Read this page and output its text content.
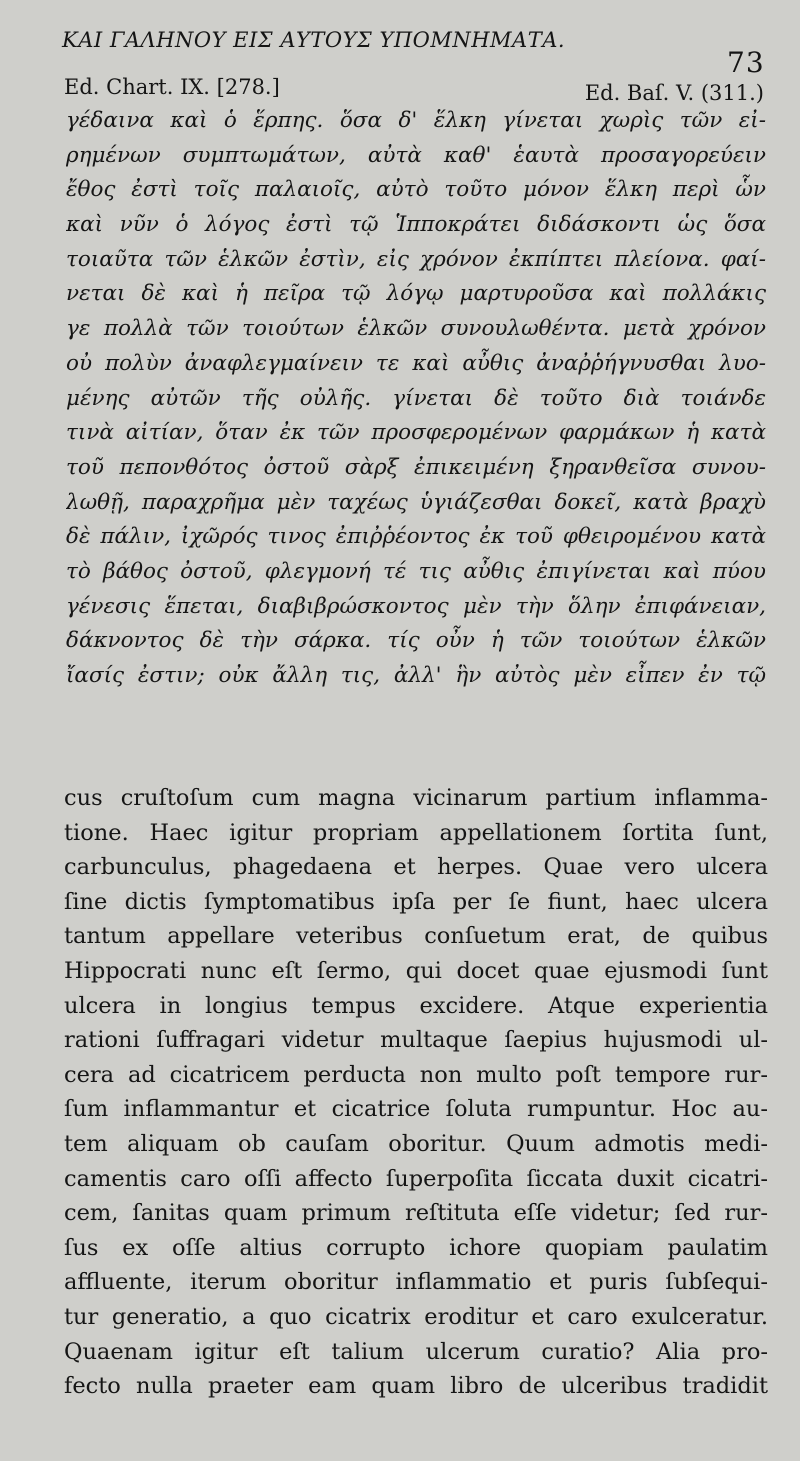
ΚΑΙ ΓΑΛΗΝΟΥ ΕΙΣ ΑΥΤΟΥΣ ΥΠΟΜΝΗΜΑΤΑ.
73
Ed. Chart. IX. [278.]	Ed. Baſ. V. (311.)
γέδαινα καὶ ὁ ἕρπης. ὅσα δ' ἕλκη γίνεται χωρὶς τῶν εἰ-
ρημένων συμπτωμάτων, αὐτὰ καθ' ἑαυτὰ προσαγορεύειν
ἔθος ἐστὶ τοῖς παλαιοῖς, αὐτὸ τοῦτο μόνον ἕλκη περὶ ὧν
καὶ νῦν ὁ λόγος ἐστὶ τῷ Ἱπποκράτει διδάσκοντι ὡς ὅσα
τοιαῦτα τῶν ἑλκῶν ἐστὶν, εἰς χρόνον ἐκπίπτει πλείονα. φαί-
νεται δὲ καὶ ἡ πεῖρα τῷ λόγῳ μαρτυροῦσα καὶ πολλάκις
γε πολλὰ τῶν τοιούτων ἑλκῶν συνουλωθέντα. μετὰ χρόνον
οὐ πολὺν ἀναφλεγμαίνειν τε καὶ αὖθις ἀναῤῥήγνυσθαι λυο-
μένης αὐτῶν τῆς οὐλῆς. γίνεται δὲ τοῦτο διὰ τοιάνδε
τινὰ αἰτίαν, ὅταν ἐκ τῶν προσφερομένων φαρμάκων ἡ κατὰ
τοῦ πεπονθότος ὀστοῦ σὰρξ ἐπικειμένη ξηρανθεῖσα συνου-
λωθῇ, παραχρῆμα μὲν ταχέως ὑγιάζεσθαι δοκεῖ, κατὰ βραχὺ
δὲ πάλιν, ἰχῶρός τινος ἐπιῤῥέοντος ἐκ τοῦ φθειρομένου κατὰ
τὸ βάθος ὀστοῦ, φλεγμονή τέ τις αὖθις ἐπιγίνεται καὶ πύου
γένεσις ἕπεται, διαβιβρώσκοντος μὲν τὴν ὅλην ἐπιφάνειαν,
δάκνοντος δὲ τὴν σάρκα. τίς οὖν ἡ τῶν τοιούτων ἑλκῶν
ἴασίς ἐστιν; οὐκ ἄλλη τις, ἀλλ' ἣν αὐτὸς μὲν εἶπεν ἐν τῷ
cus cruſtoſum cum magna vicinarum partium inflamma-
tione. Haec igitur propriam appellationem ſortita ſunt,
carbunculus, phagedaena et herpes. Quae vero ulcera
ſine dictis ſymptomatibus ipſa per ſe fiunt, haec ulcera
tantum appellare veteribus conſuetum erat, de quibus
Hippocrati nunc eſt ſermo, qui docet quae ejusmodi ſunt
ulcera in longius tempus excidere. Atque experientia
rationi ſuffragari videtur multaque ſaepius hujusmodi ul-
cera ad cicatricem perducta non multo poſt tempore rur-
ſum inflammantur et cicatrice ſoluta rumpuntur. Hoc au-
tem aliquam ob cauſam oboritur. Quum admotis medi-
camentis caro oſſi affecto ſuperpoſita ſiccata duxit cicatri-
cem, ſanitas quam primum reſtituta eſſe videtur; ſed rur-
ſus ex oſſe altius corrupto ichore quopiam paulatim
affluente, iterum oboritur inflammatio et puris ſubſequi-
tur generatio, a quo cicatrix eroditur et caro exulceratur.
Quaenam igitur eſt talium ulcerum curatio? Alia pro-
fecto nulla praeter eam quam libro de ulceribus tradidit
